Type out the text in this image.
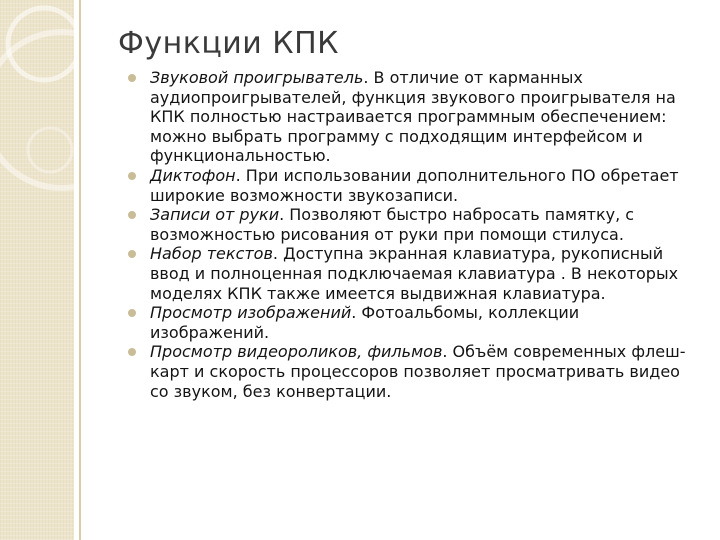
Функции КПК
Звуковой проигрыватель. В отличие от карманных аудиопроигрывателей, функция звукового проигрывателя на КПК полностью настраивается программным обеспечением: можно выбрать программу с подходящим интерфейсом и функциональностью.
Диктофон. При использовании дополнительного ПО обретает широкие возможности звукозаписи.
Записи от руки. Позволяют быстро набросать памятку, с возможностью рисования от руки при помощи стилуса.
Набор текстов. Доступна экранная клавиатура, рукописный ввод и полноценная подключаемая клавиатура . В некоторых моделях КПК также имеется выдвижная клавиатура.
Просмотр изображений. Фотоальбомы, коллекции изображений.
Просмотр видеороликов, фильмов. Объём современных флеш-карт и скорость процессоров позволяет просматривать видео со звуком, без конвертации.
